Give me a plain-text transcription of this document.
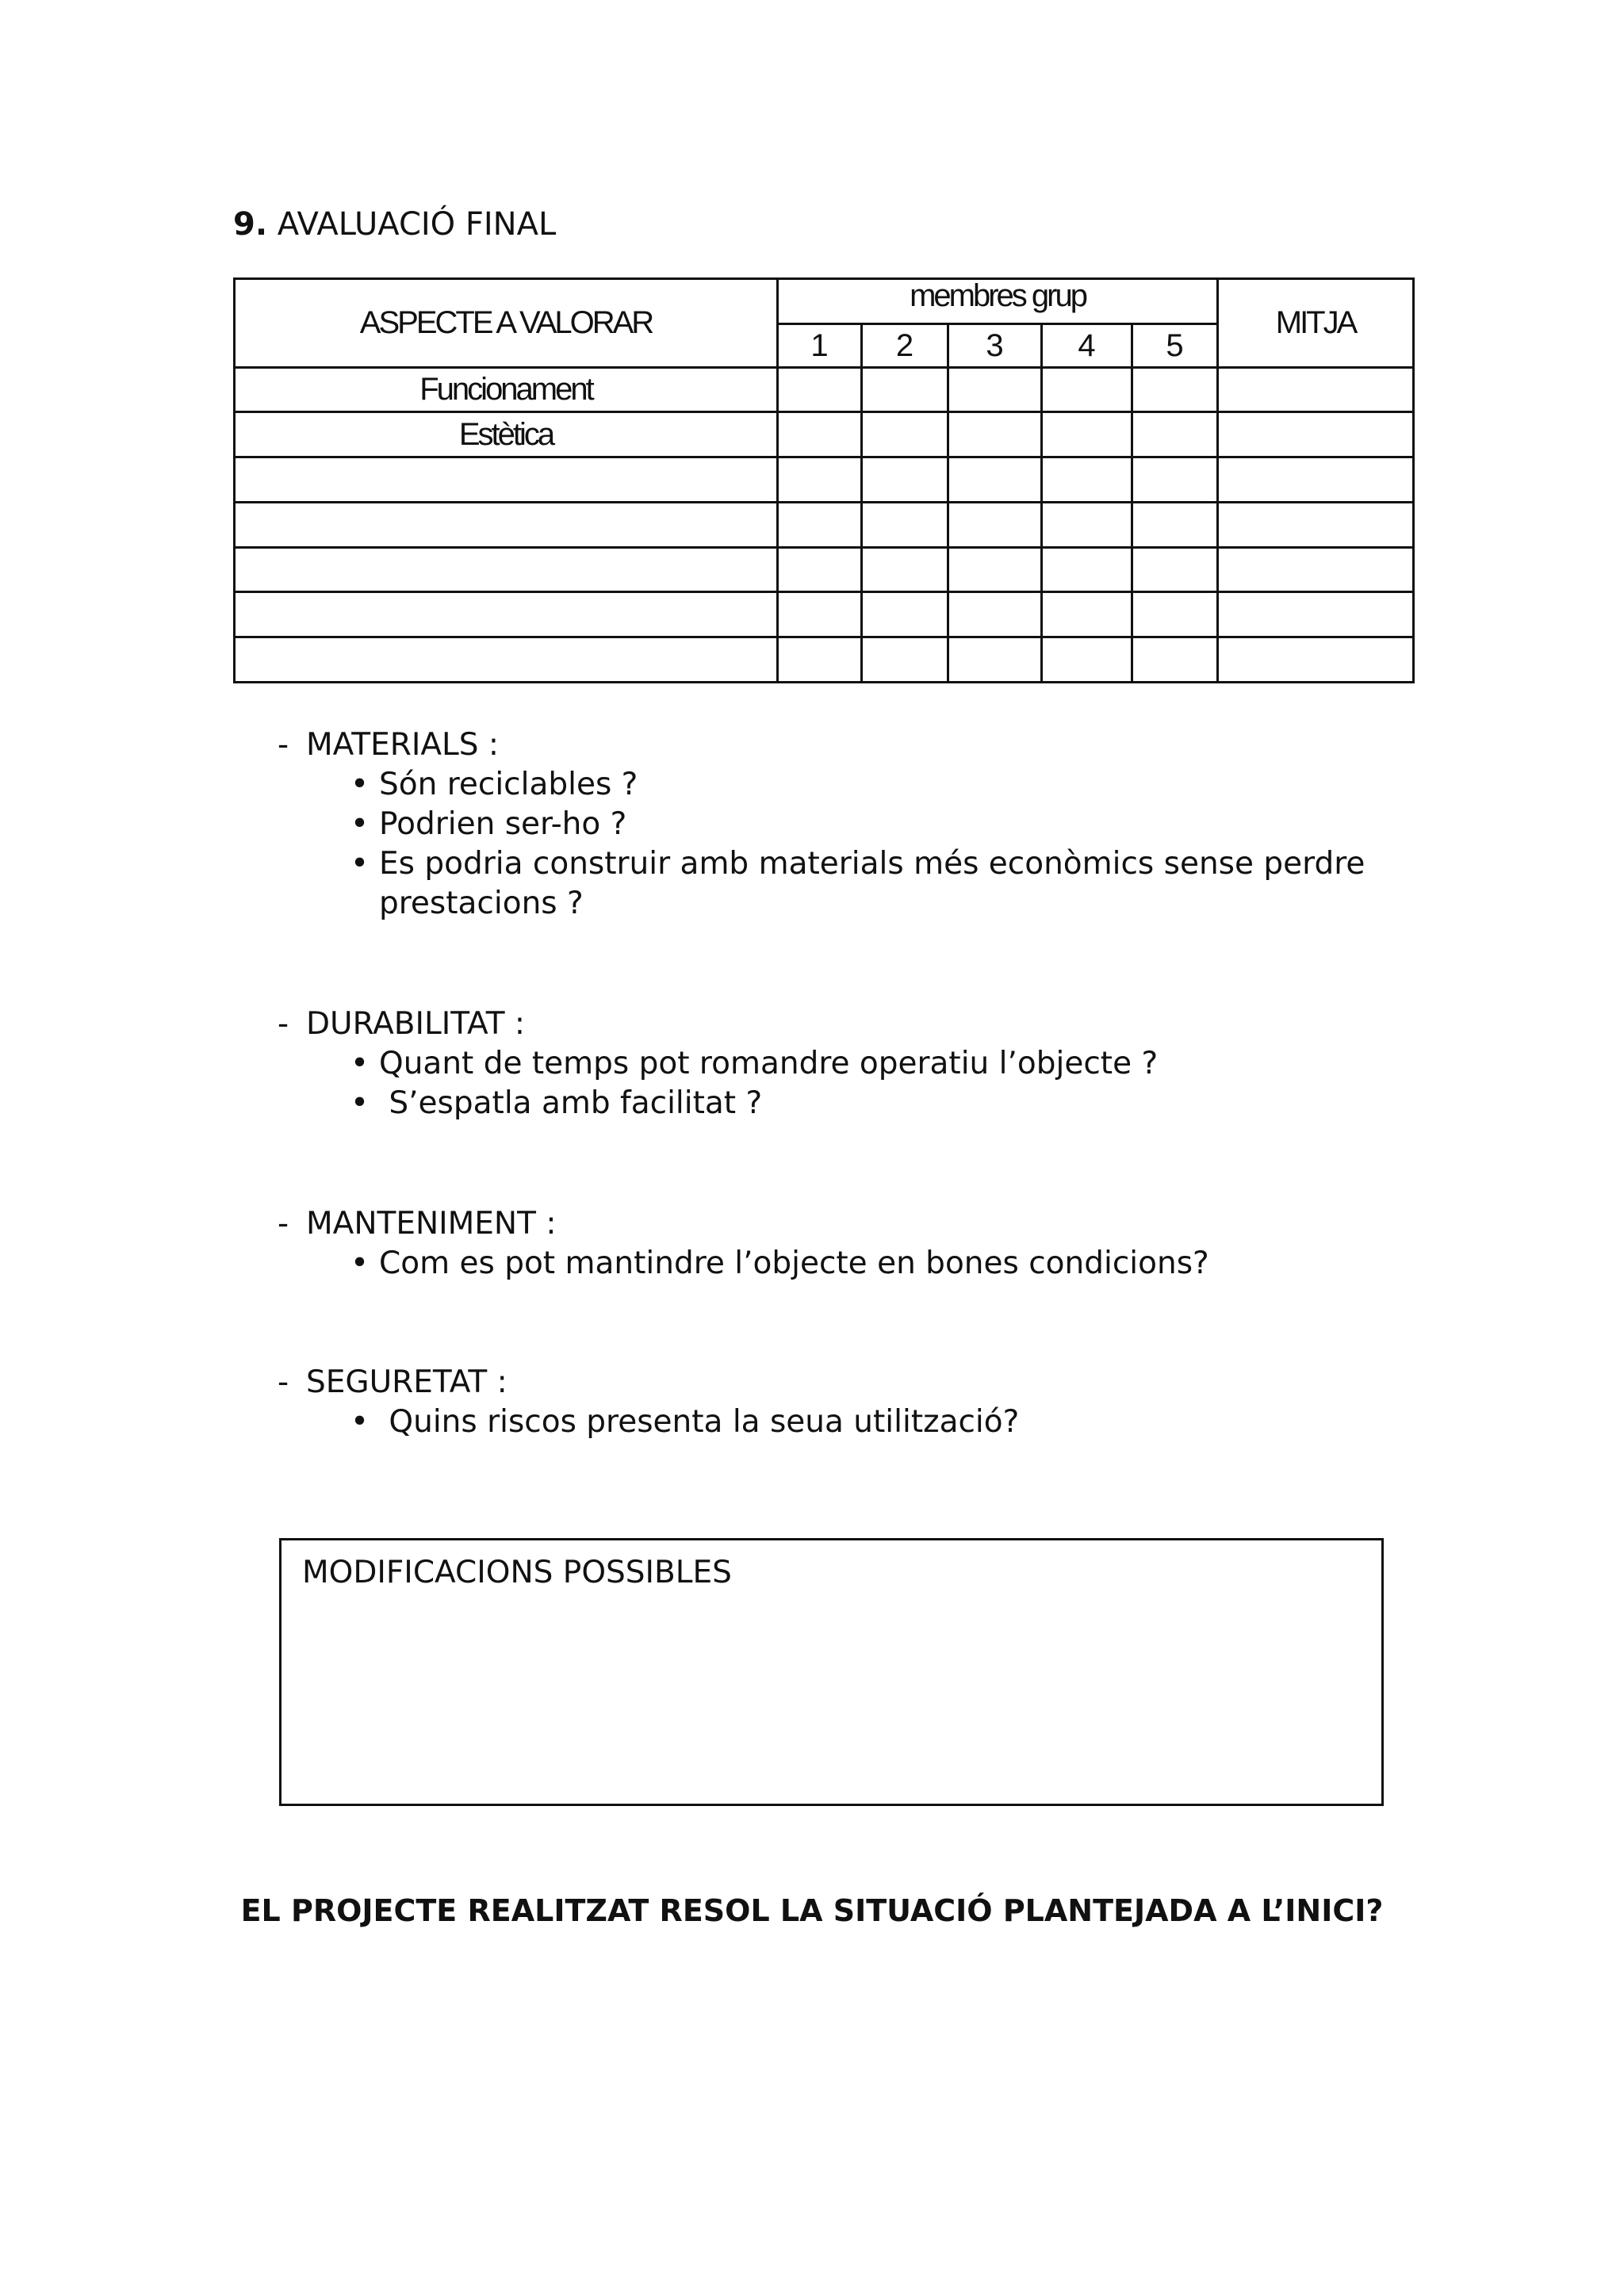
9. AVALUACIÓ FINAL
ASPECTE A VALORAR	membres grup					MITJA
	1	2	3	4	5	
Funcionament						
Estètica						

- MATERIALS :
• Són reciclables ?
• Podrien ser-ho ?
• Es podria construir amb materials més econòmics sense perdre prestacions ?
- DURABILITAT :
• Quant de temps pot romandre operatiu l’objecte ?
• S’espatla amb facilitat ?
- MANTENIMENT :
• Com es pot mantindre l’objecte en bones condicions?
- SEGURETAT :
• Quins riscos presenta la seua utilització?
MODIFICACIONS POSSIBLES
EL PROJECTE REALITZAT RESOL LA SITUACIÓ PLANTEJADA A L’INICI?
